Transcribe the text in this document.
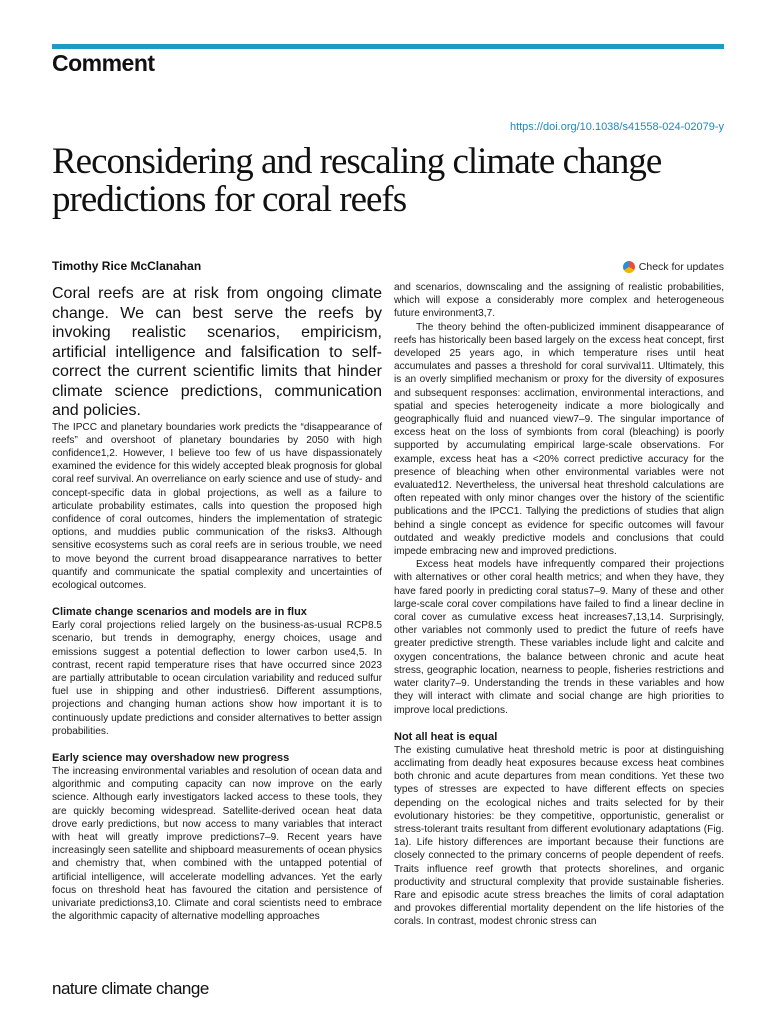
Comment
https://doi.org/10.1038/s41558-024-02079-y
Reconsidering and rescaling climate change predictions for coral reefs
Timothy Rice McClanahan	Check for updates

Coral reefs are at risk from ongoing climate change. We can best serve the reefs by invoking realistic scenarios, empiricism, artificial intelligence and falsification to self-correct the current scientific limits that hinder climate science predictions, communication and policies.

The IPCC and planetary boundaries work predicts the “disappearance of reefs” and overshoot of planetary boundaries by 2050 with high confidence1,2. However, I believe too few of us have dispassionately examined the evidence for this widely accepted bleak prognosis for global coral reef survival. An overreliance on early science and use of study- and concept-specific data in global projections, as well as a failure to articulate probability estimates, calls into question the proposed high confidence of coral outcomes, hinders the implementation of strategic options, and muddies public communication of the risks3. Although sensitive ecosystems such as coral reefs are in serious trouble, we need to move beyond the current broad disappearance narratives to better quantify and communicate the spatial complexity and uncertainties of ecological outcomes.

Climate change scenarios and models are in flux

Early coral projections relied largely on the business-as-usual RCP8.5 scenario, but trends in demography, energy choices, usage and emissions suggest a potential deflection to lower carbon use4,5. In contrast, recent rapid temperature rises that have occurred since 2023 are partially attributable to ocean circulation variability and reduced sulfur fuel use in shipping and other industries6. Different assumptions, projections and changing human actions show how important it is to continuously update predictions and consider alternatives to better assign probabilities.

Early science may overshadow new progress

The increasing environmental variables and resolution of ocean data and algorithmic and computing capacity can now improve on the early science. Although early investigators lacked access to these tools, they are quickly becoming widespread. Satellite-derived ocean heat data drove early predictions, but now access to many variables that interact with heat will greatly improve predictions7–9. Recent years have increasingly seen satellite and shipboard measurements of ocean physics and chemistry that, when combined with the untapped potential of artificial intelligence, will accelerate modelling advances. Yet the early focus on threshold heat has favoured the citation and persistence of univariate predictions3,10. Climate and coral scientists need to embrace the algorithmic capacity of alternative modelling approaches

and scenarios, downscaling and the assigning of realistic probabilities, which will expose a considerably more complex and heterogeneous future environment3,7.

The theory behind the often-publicized imminent disappearance of reefs has historically been based largely on the excess heat concept, first developed 25 years ago, in which temperature rises until heat accumulates and passes a threshold for coral survival11. Ultimately, this is an overly simplified mechanism or proxy for the diversity of exposures and subsequent responses: acclimation, environmental interactions, and spatial and species heterogeneity indicate a more biologically and geographically fluid and nuanced view7–9. The singular importance of excess heat on the loss of symbionts from coral (bleaching) is poorly supported by accumulating empirical large-scale observations. For example, excess heat has a <20% correct predictive accuracy for the presence of bleaching when other environmental variables were not evaluated12. Nevertheless, the universal heat threshold calculations are often repeated with only minor changes over the history of the scientific publications and the IPCC1. Tallying the predictions of studies that align behind a single concept as evidence for specific outcomes will favour outdated and weakly predictive models and conclusions that could impede embracing new and improved predictions.

Excess heat models have infrequently compared their projections with alternatives or other coral health metrics; and when they have, they have fared poorly in predicting coral status7–9. Many of these and other large-scale coral cover compilations have failed to find a linear decline in coral cover as cumulative excess heat increases7,13,14. Surprisingly, other variables not commonly used to predict the future of reefs have greater predictive strength. These variables include light and calcite and oxygen concentrations, the balance between chronic and acute heat stress, geographic location, nearness to people, fisheries restrictions and water clarity7–9. Understanding the trends in these variables and how they will interact with climate and social change are high priorities to improve local predictions.

Not all heat is equal

The existing cumulative heat threshold metric is poor at distinguishing acclimating from deadly heat exposures because excess heat combines both chronic and acute departures from mean conditions. Yet these two types of stresses are expected to have different effects on species depending on the ecological niches and traits selected for by their evolutionary histories: be they competitive, opportunistic, generalist or stress-tolerant traits resultant from different evolutionary adaptations (Fig. 1a). Life history differences are important because their functions are closely connected to the primary concerns of people dependent of reefs. Traits influence reef growth that protects shorelines, and organic productivity and structural complexity that provide sustainable fisheries. Rare and episodic acute stress breaches the limits of coral adaptation and provokes differential mortality dependent on the life histories of the corals. In contrast, modest chronic stress can

nature climate change
